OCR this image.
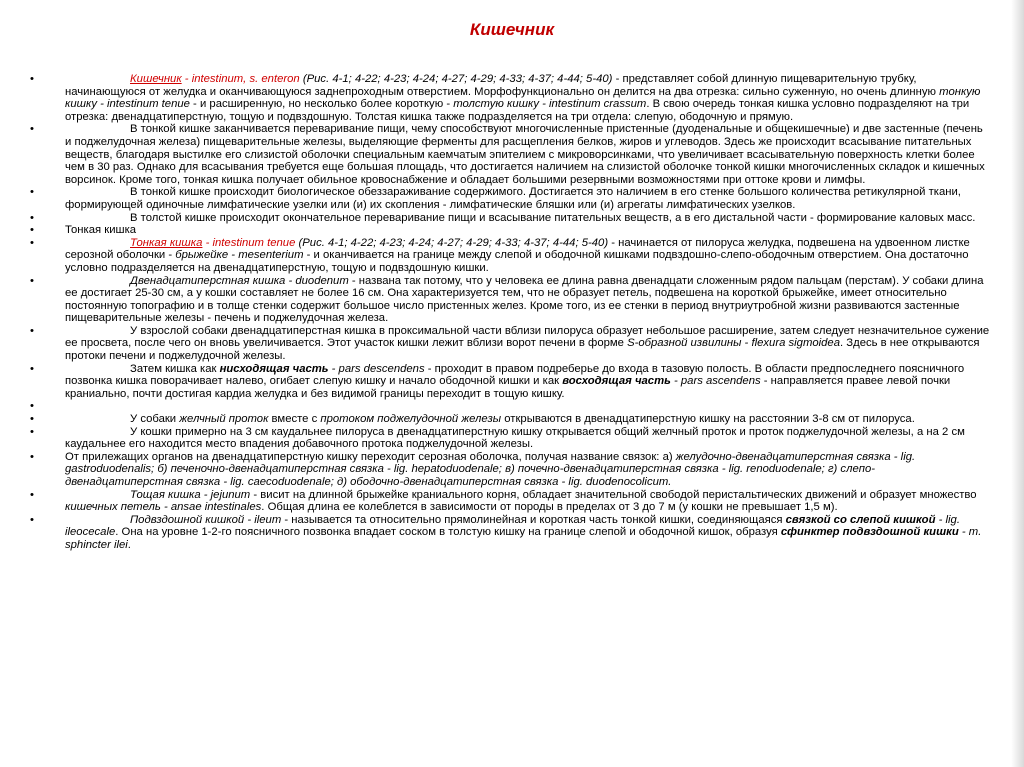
Кишечник
• Кишечник - intestinum, s. enteron (Рис. 4-1; 4-22; 4-23; 4-24; 4-27; 4-29; 4-33; 4-37; 4-44; 5-40) - представляет собой длинную пищеварительную трубку, начинающуюся от желудка и оканчивающуюся заднепроходным отверстием. Морфофункционально он делится на два отрезка: сильно суженную, но очень длинную тонкую кишку - intestinum tenue - и расширенную, но несколько более короткую - толстую кишку - intestinum crassum. В свою очередь тонкая кишка условно подразделяют на три отрезка: двенадцатиперстную, тощую и подвздошную. Толстая кишка также подразделяется на три отдела: слепую, ободочную и прямую.
• В тонкой кишке заканчивается переваривание пищи, чему способствуют многочисленные пристенные (дуоденальные и общекишечные) и две застенные (печень и поджелудочная железа) пищеварительные железы, выделяющие ферменты для расщепления белков, жиров и углеводов. Здесь же происходит всасывание питательных веществ, благодаря выстилке его слизистой оболочки специальным каемчатым эпителием с микроворсинками, что увеличивает всасывательную поверхность клетки более чем в 30 раз. Однако для всасывания требуется еще большая площадь, что достигается наличием на слизистой оболочке тонкой кишки многочисленных складок и кишечных ворсинок. Кроме того, тонкая кишка получает обильное кровоснабжение и обладает большими резервными возможностями при оттоке крови и лимфы.
• В тонкой кишке происходит биологическое обеззараживание содержимого. Достигается это наличием в его стенке большого количества ретикулярной ткани, формирующей одиночные лимфатические узелки или (и) их скопления - лимфатические бляшки или (и) агрегаты лимфатических узелков.
• В толстой кишке происходит окончательное переваривание пищи и всасывание питательных веществ, а в его дистальной части - формирование каловых масс.
• Тонкая кишка
• Тонкая кишка - intestinum tenue (Рис. 4-1; 4-22; 4-23; 4-24; 4-27; 4-29; 4-33; 4-37; 4-44; 5-40) - начинается от пилоруса желудка, подвешена на удвоенном листке серозной оболочки - брыжейке - mesenterium - и оканчивается на границе между слепой и ободочной кишками подвздошно-слепо-ободочным отверстием. Она достаточно условно подразделяется на двенадцатиперстную, тощую и подвздошную кишки.
• Двенадцатиперстная кишка - duodenum - названа так потому, что у человека ее длина равна двенадцати сложенным рядом пальцам (перстам). У собаки длина ее достигает 25-30 см, а у кошки составляет не более 16 см. Она характеризуется тем, что не образует петель, подвешена на короткой брыжейке, имеет относительно постоянную топографию и в толще стенки содержит большое число пристенных желез. Кроме того, из ее стенки в период внутриутробной жизни развиваются застенные пищеварительные железы - печень и поджелудочная железа.
• У взрослой собаки двенадцатиперстная кишка в проксимальной части вблизи пилоруса образует небольшое расширение, затем следует незначительное сужение ее просвета, после чего он вновь увеличивается. Этот участок кишки лежит вблизи ворот печени в форме S-образной извилины - flexura sigmoidea. Здесь в нее открываются протоки печени и поджелудочной железы.
• Затем кишка как нисходящая часть - pars descendens - проходит в правом подреберье до входа в тазовую полость. В области предпоследнего поясничного позвонка кишка поворачивает налево, огибает слепую кишку и начало ободочной кишки и как восходящая часть - pars ascendens - направляется правее левой почки краниально, почти достигая кардиа желудка и без видимой границы переходит в тощую кишку.
•
• У собаки желчный проток вместе с протоком поджелудочной железы открываются в двенадцатиперстную кишку на расстоянии 3-8 см от пилоруса.
• У кошки примерно на 3 см каудальнее пилоруса в двенадцатиперстную кишку открывается общий желчный проток и проток поджелудочной железы, а на 2 см каудальнее его находится место впадения добавочного протока поджелудочной железы.
• От прилежащих органов на двенадцатиперстную кишку переходит серозная оболочка, получая название связок: а) желудочно-двенадцатиперстная связка - lig. gastroduodenalis; б) печеночно-двенадцатиперстная связка - lig. hepatoduodenale; в) почечно-двенадцатиперстная связка - lig. renoduodenale; г) слепо-двенадцатиперстная связка - lig. caecoduodenale; д) ободочно-двенадцатиперстная связка - lig. duodenocolicum.
• Тощая кишка - jejunum - висит на длинной брыжейке краниального корня, обладает значительной свободой перистальтических движений и образует множество кишечных петель - ansae intestinales. Общая длина ее колеблется в зависимости от породы в пределах от 3 до 7 м (у кошки не превышает 1,5 м).
• Подвздошной кишкой - ileum - называется та относительно прямолинейная и короткая часть тонкой кишки, соединяющаяся связкой со слепой кишкой - lig. ileocecale. Она на уровне 1-2-го поясничного позвонка впадает соском в толстую кишку на границе слепой и ободочной кишок, образуя сфинктер подвздошной кишки - m. sphincter ilei.
